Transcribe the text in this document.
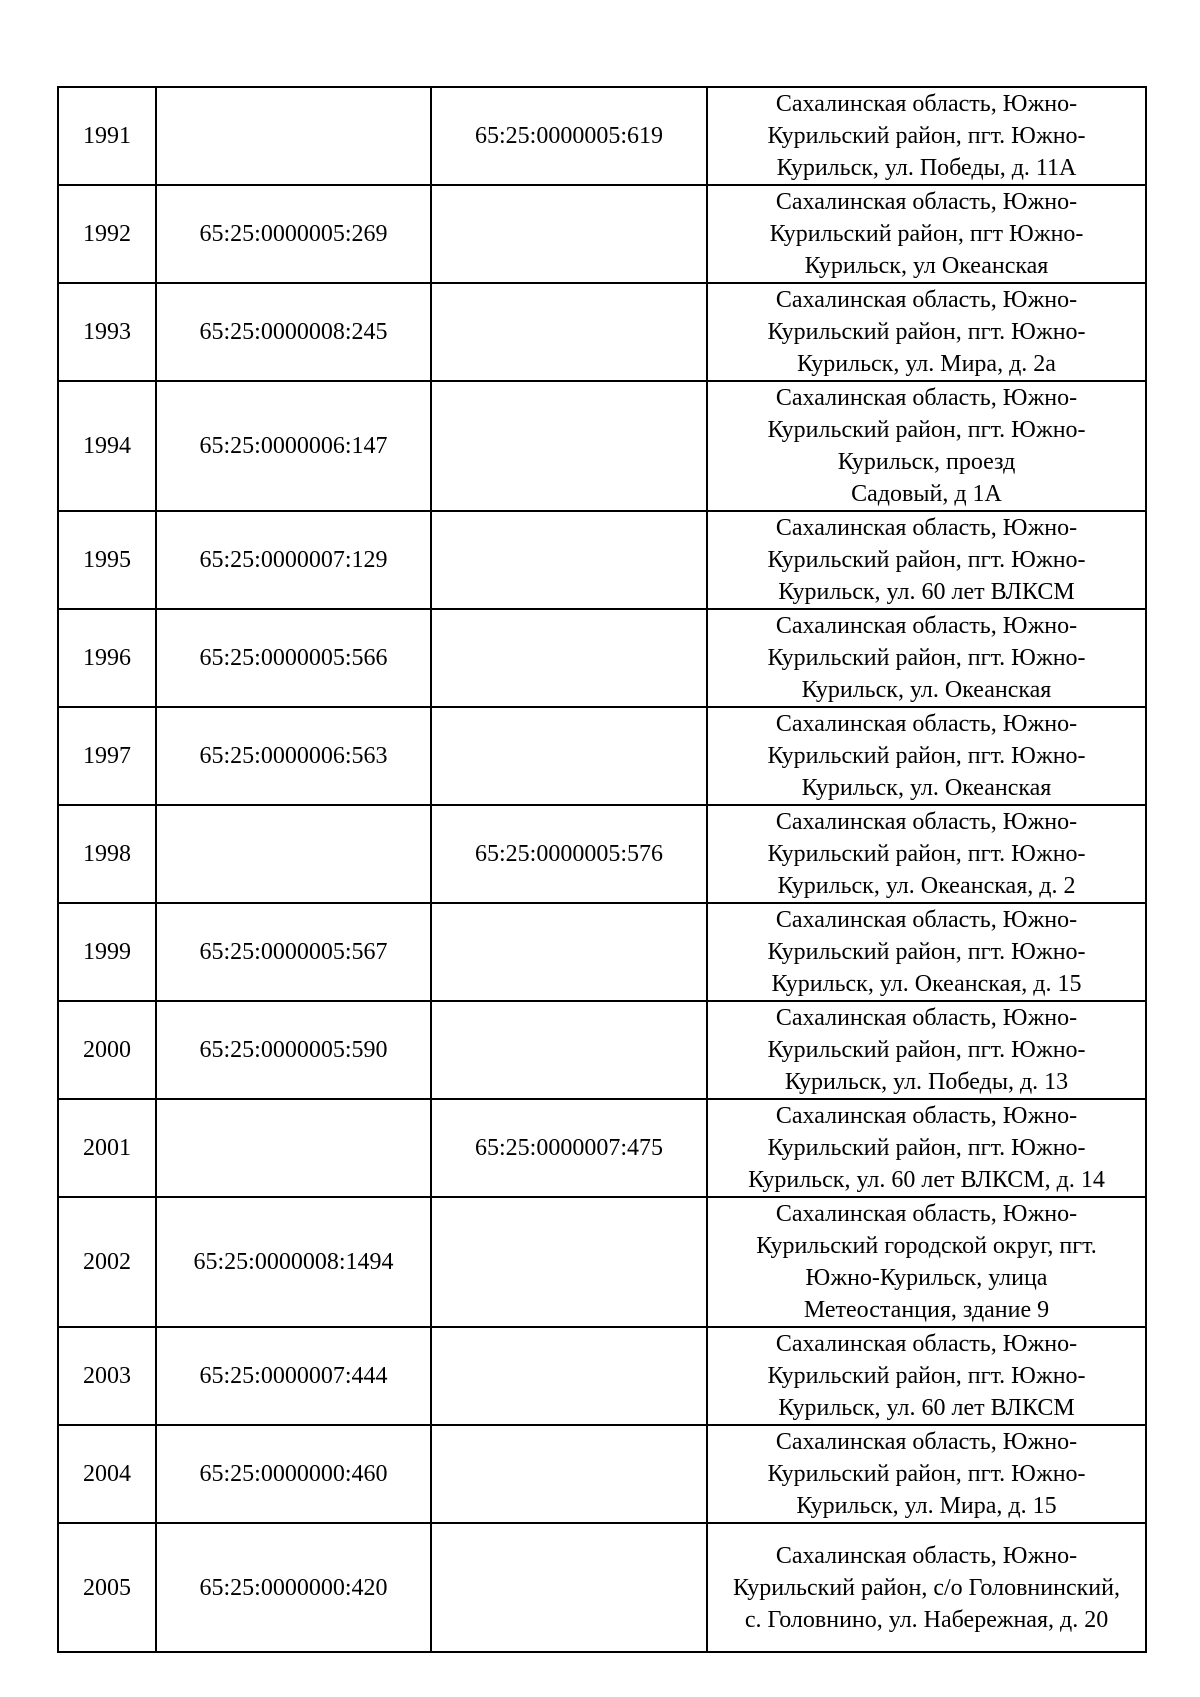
1991		65:25:0000005:619	Сахалинская область, Южно-
Курильский район, пгт. Южно-
Курильск, ул. Победы, д. 11А

1992	65:25:0000005:269		Сахалинская область, Южно-
Курильский район, пгт Южно-
Курильск, ул Океанская

1993	65:25:0000008:245		Сахалинская область, Южно-
Курильский район, пгт. Южно-
Курильск, ул. Мира, д. 2а

1994	65:25:0000006:147		Сахалинская область, Южно-
Курильский район, пгт. Южно-
Курильск, проезд
Садовый, д 1А

1995	65:25:0000007:129		Сахалинская область, Южно-
Курильский район, пгт. Южно-
Курильск, ул. 60 лет ВЛКСМ

1996	65:25:0000005:566		Сахалинская область, Южно-
Курильский район, пгт. Южно-
Курильск, ул. Океанская

1997	65:25:0000006:563		Сахалинская область, Южно-
Курильский район, пгт. Южно-
Курильск, ул. Океанская

1998		65:25:0000005:576	Сахалинская область, Южно-
Курильский район, пгт. Южно-
Курильск, ул. Океанская, д. 2

1999	65:25:0000005:567		Сахалинская область, Южно-
Курильский район, пгт. Южно-
Курильск, ул. Океанская, д. 15

2000	65:25:0000005:590		Сахалинская область, Южно-
Курильский район, пгт. Южно-
Курильск, ул. Победы, д. 13

2001		65:25:0000007:475	Сахалинская область, Южно-
Курильский район, пгт. Южно-
Курильск, ул. 60 лет ВЛКСМ, д. 14

2002	65:25:0000008:1494		Сахалинская область, Южно-
Курильский городской округ, пгт.
Южно-Курильск, улица
Метеостанция, здание 9

2003	65:25:0000007:444		Сахалинская область, Южно-
Курильский район, пгт. Южно-
Курильск, ул. 60 лет ВЛКСМ

2004	65:25:0000000:460		Сахалинская область, Южно-
Курильский район, пгт. Южно-
Курильск, ул. Мира, д. 15

2005	65:25:0000000:420		Сахалинская область, Южно-
Курильский район, с/о Головнинский,
с. Головнино, ул. Набережная, д. 20
